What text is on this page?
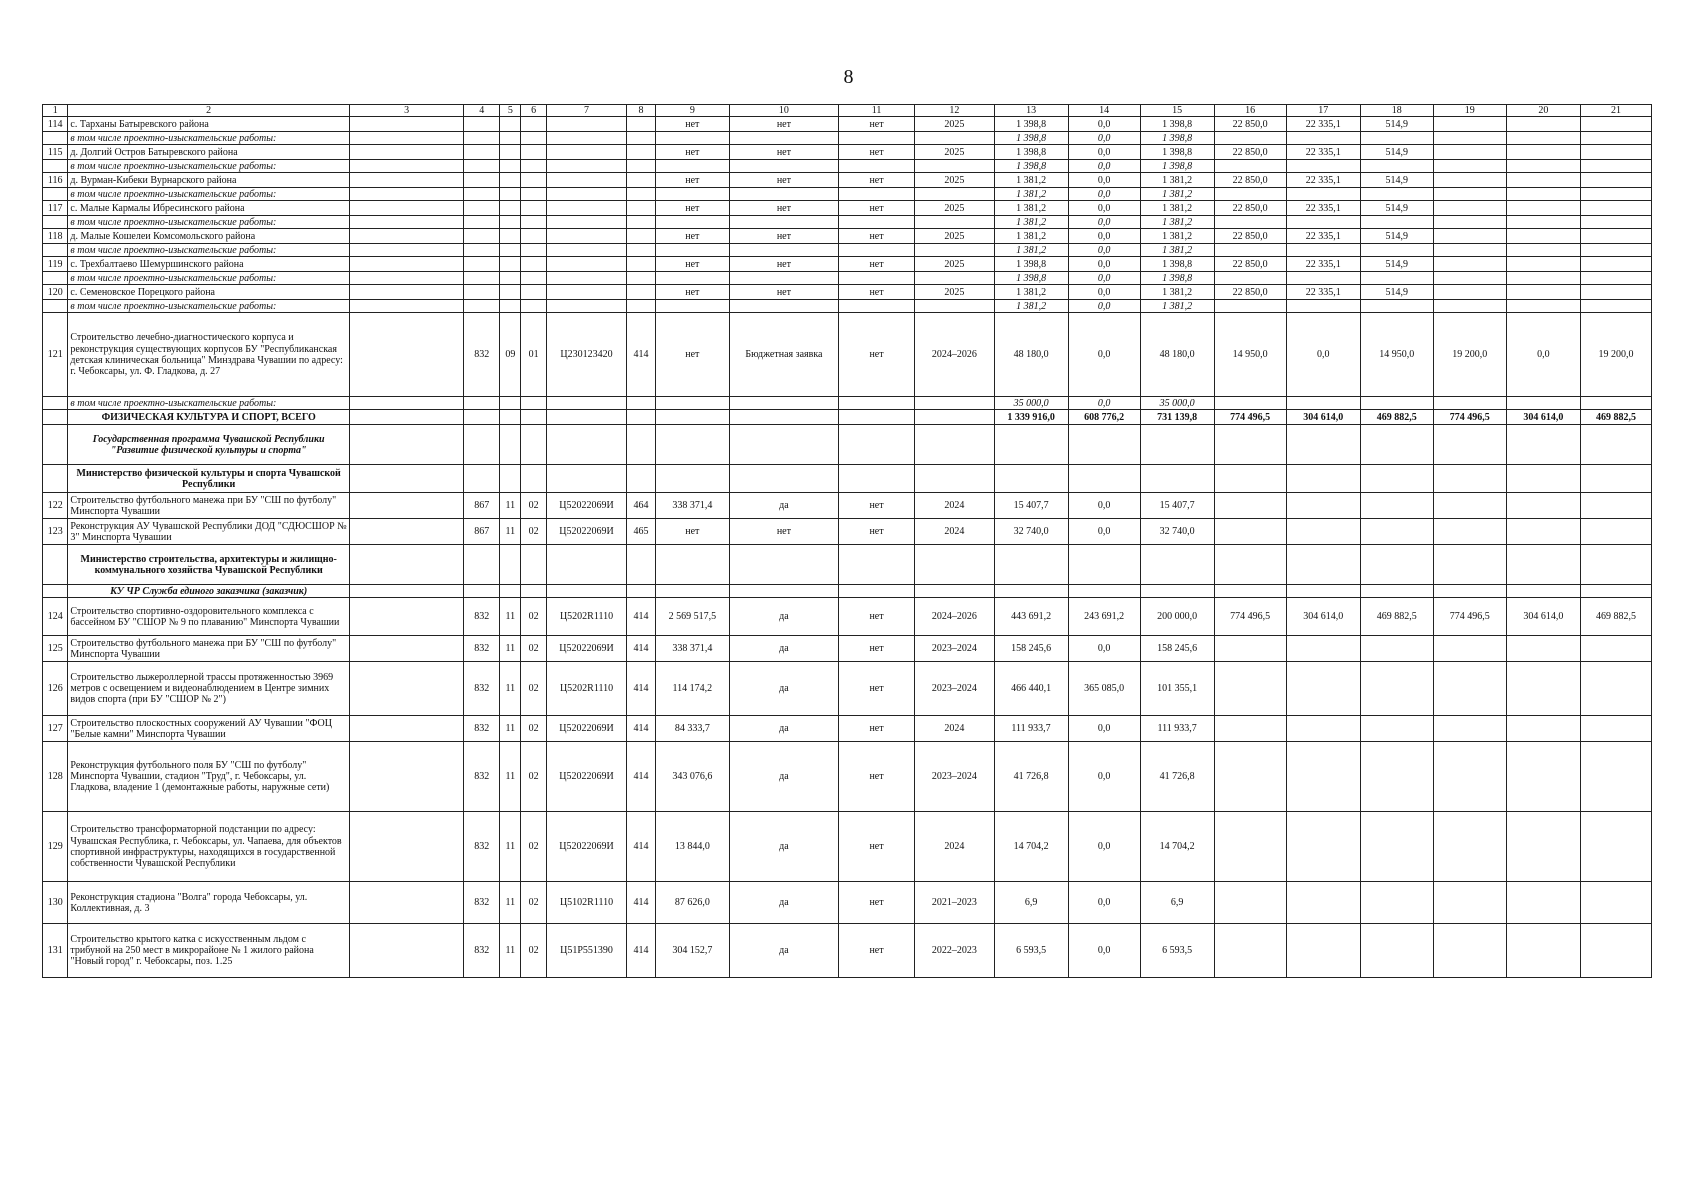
8
1	2	3	4	5	6	7	8	9	10	11	12	13	14	15	16	17	18	19	20	21
114	с. Тарханы Батыревского района							нет	нет	нет	2025	1 398,8	0,0	1 398,8	22 850,0	22 335,1	514,9			
	в том числе проектно-изыскательские работы:											1 398,8	0,0	1 398,8						
115	д. Долгий Остров Батыревского района							нет	нет	нет	2025	1 398,8	0,0	1 398,8	22 850,0	22 335,1	514,9			
	в том числе проектно-изыскательские работы:											1 398,8	0,0	1 398,8						
116	д. Вурман-Кибеки Вурнарского района							нет	нет	нет	2025	1 381,2	0,0	1 381,2	22 850,0	22 335,1	514,9			
	в том числе проектно-изыскательские работы:											1 381,2	0,0	1 381,2						
117	с. Малые Кармалы Ибресинского района							нет	нет	нет	2025	1 381,2	0,0	1 381,2	22 850,0	22 335,1	514,9			
	в том числе проектно-изыскательские работы:											1 381,2	0,0	1 381,2						
118	д. Малые Кошелеи Комсомольского района							нет	нет	нет	2025	1 381,2	0,0	1 381,2	22 850,0	22 335,1	514,9			
	в том числе проектно-изыскательские работы:											1 381,2	0,0	1 381,2						
119	с. Трехбалтаево Шемуршинского района							нет	нет	нет	2025	1 398,8	0,0	1 398,8	22 850,0	22 335,1	514,9			
	в том числе проектно-изыскательские работы:											1 398,8	0,0	1 398,8						
120	с. Семеновское Порецкого района							нет	нет	нет	2025	1 381,2	0,0	1 381,2	22 850,0	22 335,1	514,9			
	в том числе проектно-изыскательские работы:											1 381,2	0,0	1 381,2						
121	Строительство лечебно-диагностического корпуса и реконструкция существующих корпусов БУ "Республиканская детская клиническая больница" Минздрава Чувашии по адресу: г. Чебоксары, ул. Ф. Гладкова, д. 27		832	09	01	Ц230123420	414	нет	Бюджетная заявка	нет	2024–2026	48 180,0	0,0	48 180,0	14 950,0	0,0	14 950,0	19 200,0	0,0	19 200,0
	в том числе проектно-изыскательские работы:											35 000,0	0,0	35 000,0						
	ФИЗИЧЕСКАЯ КУЛЬТУРА И СПОРТ, ВСЕГО											1 339 916,0	608 776,2	731 139,8	774 496,5	304 614,0	469 882,5	774 496,5	304 614,0	469 882,5
	Государственная программа Чувашской Республики "Развитие физической культуры и спорта"																			
	Министерство физической культуры и спорта Чувашской Республики																			
122	Строительство футбольного манежа при БУ "СШ по футболу" Минспорта Чувашии		867	11	02	Ц52022069И	464	338 371,4	да	нет	2024	15 407,7	0,0	15 407,7						
123	Реконструкция АУ Чувашской Республики ДОД "СДЮСШОР № 3" Минспорта Чувашии		867	11	02	Ц52022069И	465	нет	нет	нет	2024	32 740,0	0,0	32 740,0						
	Министерство строительства, архитектуры и жилищно-коммунального хозяйства Чувашской Республики																			
	КУ ЧР Служба единого заказчика (заказчик)																			
124	Строительство спортивно-оздоровительного комплекса с бассейном БУ "СШОР № 9 по плаванию" Минспорта Чувашии		832	11	02	Ц5202R1110	414	2 569 517,5	да	нет	2024–2026	443 691,2	243 691,2	200 000,0	774 496,5	304 614,0	469 882,5	774 496,5	304 614,0	469 882,5
125	Строительство футбольного манежа при БУ "СШ по футболу" Минспорта Чувашии		832	11	02	Ц52022069И	414	338 371,4	да	нет	2023–2024	158 245,6	0,0	158 245,6						
126	Строительство лыжероллерной трассы протяженностью 3969 метров с освещением и видеонаблюдением в Центре зимних видов спорта (при БУ "СШОР № 2")		832	11	02	Ц5202R1110	414	114 174,2	да	нет	2023–2024	466 440,1	365 085,0	101 355,1						
127	Строительство плоскостных сооружений АУ Чувашии "ФОЦ "Белые камни" Минспорта Чувашии		832	11	02	Ц52022069И	414	84 333,7	да	нет	2024	111 933,7	0,0	111 933,7						
128	Реконструкция футбольного поля БУ "СШ по футболу" Минспорта Чувашии, стадион "Труд", г. Чебоксары, ул. Гладкова, владение 1 (демонтажные работы, наружные сети)		832	11	02	Ц52022069И	414	343 076,6	да	нет	2023–2024	41 726,8	0,0	41 726,8						
129	Строительство трансформаторной подстанции по адресу: Чувашская Республика, г. Чебоксары, ул. Чапаева, для объектов спортивной инфраструктуры, находящихся в государственной собственности Чувашской Республики		832	11	02	Ц52022069И	414	13 844,0	да	нет	2024	14 704,2	0,0	14 704,2						
130	Реконструкция стадиона "Волга" города Чебоксары, ул. Коллективная, д. 3		832	11	02	Ц5102R1110	414	87 626,0	да	нет	2021–2023	6,9	0,0	6,9						
131	Строительство крытого катка с искусственным льдом с трибуной на 250 мест в микрорайоне № 1 жилого района "Новый город" г. Чебоксары, поз. 1.25		832	11	02	Ц51P551390	414	304 152,7	да	нет	2022–2023	6 593,5	0,0	6 593,5						
